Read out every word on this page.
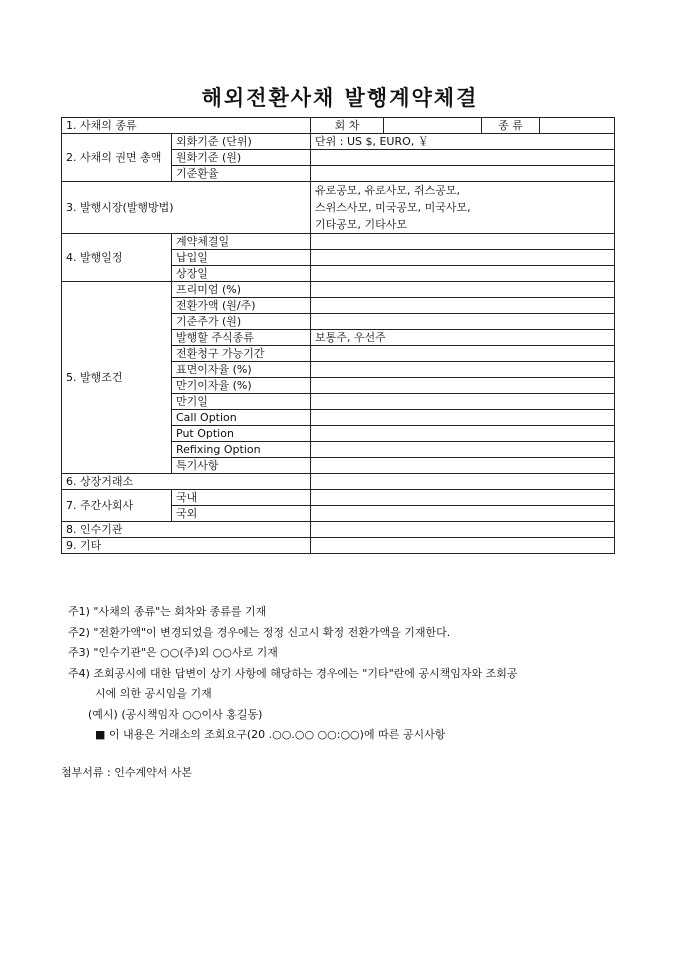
해외전환사채 발행계약체결
1. 사채의 종류		회 차		종 류	
2. 사채의 권면 총액	외화기준 (단위)	단위 : US $, EURO, ￥			
	원화기준 (원)				
	기준환율				
3. 발행시장(발행방법)		유로공모, 유로사모, 쥐스공모,
스위스사모, 미국공모, 미국사모,
기타공모, 기타사모			

4. 발행일정	계약체결일				
	납입일				
	상장일				
5. 발행조건	프리미엄 (%)				
	전환가액 (원/주)				
	기준주가 (원)				
	발행할 주식종류	보통주, 우선주			
	전환청구 가능기간				
	표면이자율 (%)				
	만기이자율 (%)				
	만기일				
	Call Option				
	Put Option				
	Refixing Option				
	특기사항				
6. 상장거래소					
7. 주간사회사	국내				
	국외				
8. 인수기관					
9. 기타					
주1) "사채의 종류"는 회차와 종류를 기재
주2) "전환가액"이 변경되었을 경우에는 정정 신고시 확정 전환가액을 기재한다.
주3) "인수기관"은 ○○(주)외 ○○사로 기재
주4) 조회공시에 대한 답변이 상기 사항에 해당하는 경우에는 "기타"란에 공시책임자와 조회공
시에 의한 공시임을 기재
(예시) (공시책임자 ○○이사 홍길동)
■ 이 내용은 거래소의 조회요구(20 .○○.○○ ○○:○○)에 따른 공시사항
첨부서류 : 인수계약서 사본
